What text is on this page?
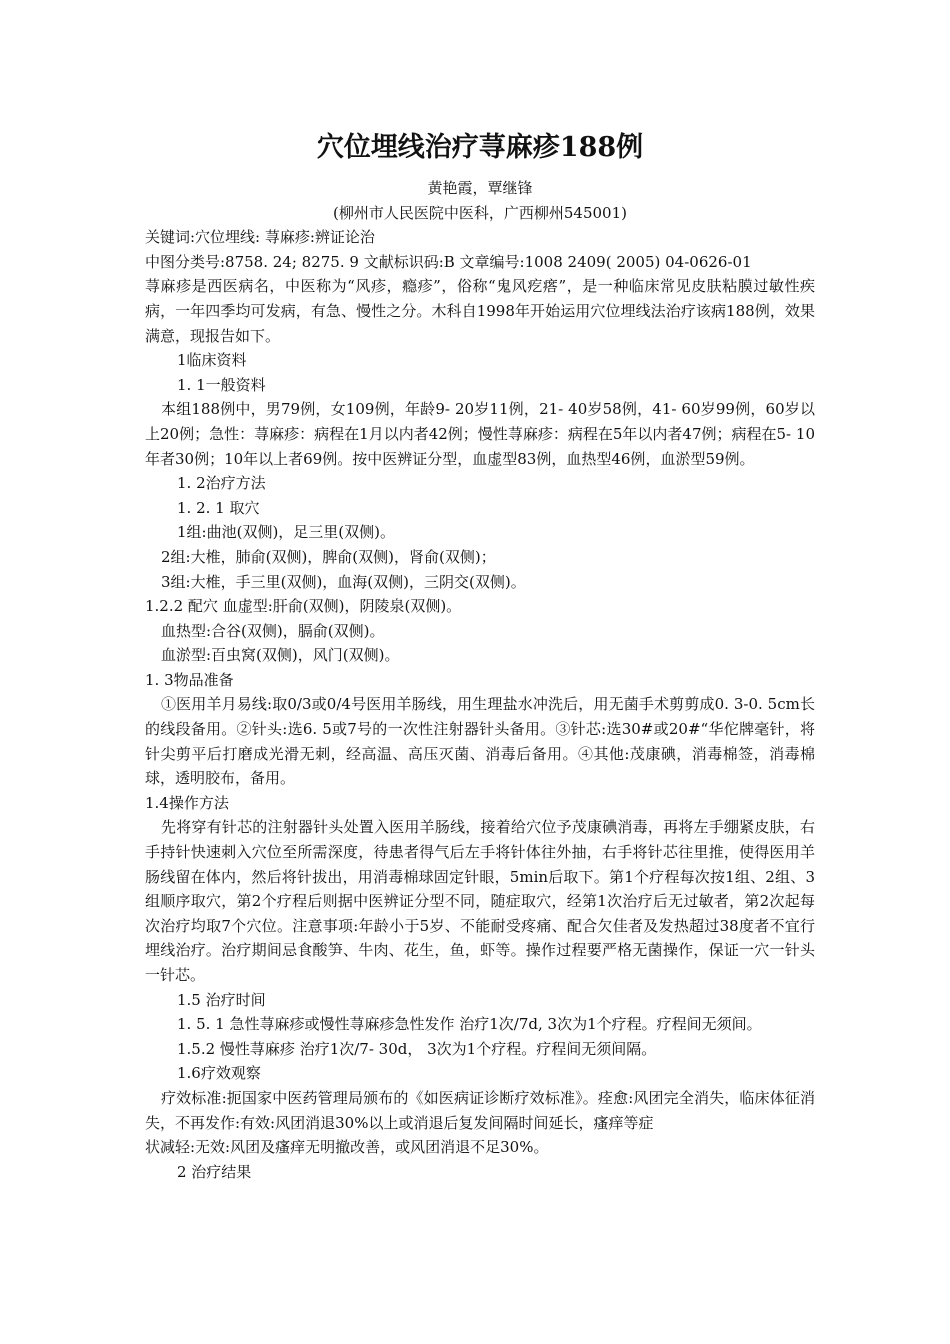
穴位埋线治疗荨麻疹188例

黄艳霞，覃继锋

(柳州市人民医院中医科，广西柳州545001)

关键词:穴位埋线: 荨麻疹:辨证论治

中图分类号:8758. 24; 8275. 9 文献标识码:B 文章编号:1008 2409( 2005) 04-0626-01

荨麻疹是西医病名，中医称为“风疹，瘾疹”，俗称“鬼风疙瘩”，是一种临床常见皮肤粘膜过敏性疾病，一年四季均可发病，有急、慢性之分。木科自1998年开始运用穴位埋线法治疗该病188例，效果满意，现报告如下。

1临床资料

1. 1一般资料

本组188例中，男79例，女109例，年龄9- 20岁11例，21- 40岁58例，41- 60岁99例，60岁以上20例；急性：荨麻疹：病程在1月以内者42例；慢性荨麻疹：病程在5年以内者47例；病程在5- 10年者30例；10年以上者69例。按中医辨证分型，血虚型83例，血热型46例，血淤型59例。

1. 2治疗方法

1. 2. 1 取穴

1组:曲池(双侧)，足三里(双侧)。

2组:大椎，肺俞(双侧)，脾俞(双侧)，肾俞(双侧)；

3组:大椎，手三里(双侧)，血海(双侧)，三阴交(双侧)。

1.2.2 配穴 血虚型:肝俞(双侧)，阴陵泉(双侧)。

血热型:合谷(双侧)，膈俞(双侧)。

血淤型:百虫窝(双侧)，风门(双侧)。

1. 3物品准备

①医用羊月易线:取0/3或0/4号医用羊肠线，用生理盐水冲洗后，用无菌手术剪剪成0. 3-0. 5cm长的线段备用。②针头:选6. 5或7号的一次性注射器针头备用。③针芯:选30#或20#“华佗牌毫针，将针尖剪平后打磨成光滑无刺，经高温、高压灭菌、消毒后备用。④其他:茂康碘，消毒棉签，消毒棉球，透明胶布，备用。

1.4操作方法

先将穿有针芯的注射器针头处置入医用羊肠线，接着给穴位予茂康碘消毒，再将左手绷紧皮肤，右手持针快速刺入穴位至所需深度，待患者得气后左手将针体往外抽，右手将针芯往里推，使得医用羊肠线留在体内，然后将针拔出，用消毒棉球固定针眼，5min后取下。第1个疗程每次按1组、2组、3组顺序取穴，第2个疗程后则据中医辨证分型不同，随症取穴，经第1次治疗后无过敏者，第2次起每次治疗均取7个穴位。注意事项:年龄小于5岁、不能耐受疼痛、配合欠佳者及发热超过38度者不宜行埋线治疗。治疗期间忌食酸笋、牛肉、花生，鱼，虾等。操作过程要严格无菌操作，保证一穴一针头一针芯。

1.5 治疗时间

1. 5. 1 急性荨麻疹或慢性荨麻疹急性发作 治疗1次/7d, 3次为1个疗程。疗程间无须间。

1.5.2 慢性荨麻疹 治疗1次/7- 30d， 3次为1个疗程。疗程间无须间隔。

1.6疗效观察

疗效标准:扼国家中医药管理局颁布的《如医病证诊断疗效标准》。痊愈:风团完全消失，临床体征消失，不再发作:有效:风团消退30%以上或消退后复发间隔时间延长，瘙痒等症

状减轻:无效:风团及瘙痒无明撤改善，或风团消退不足30%。

2 治疗结果
